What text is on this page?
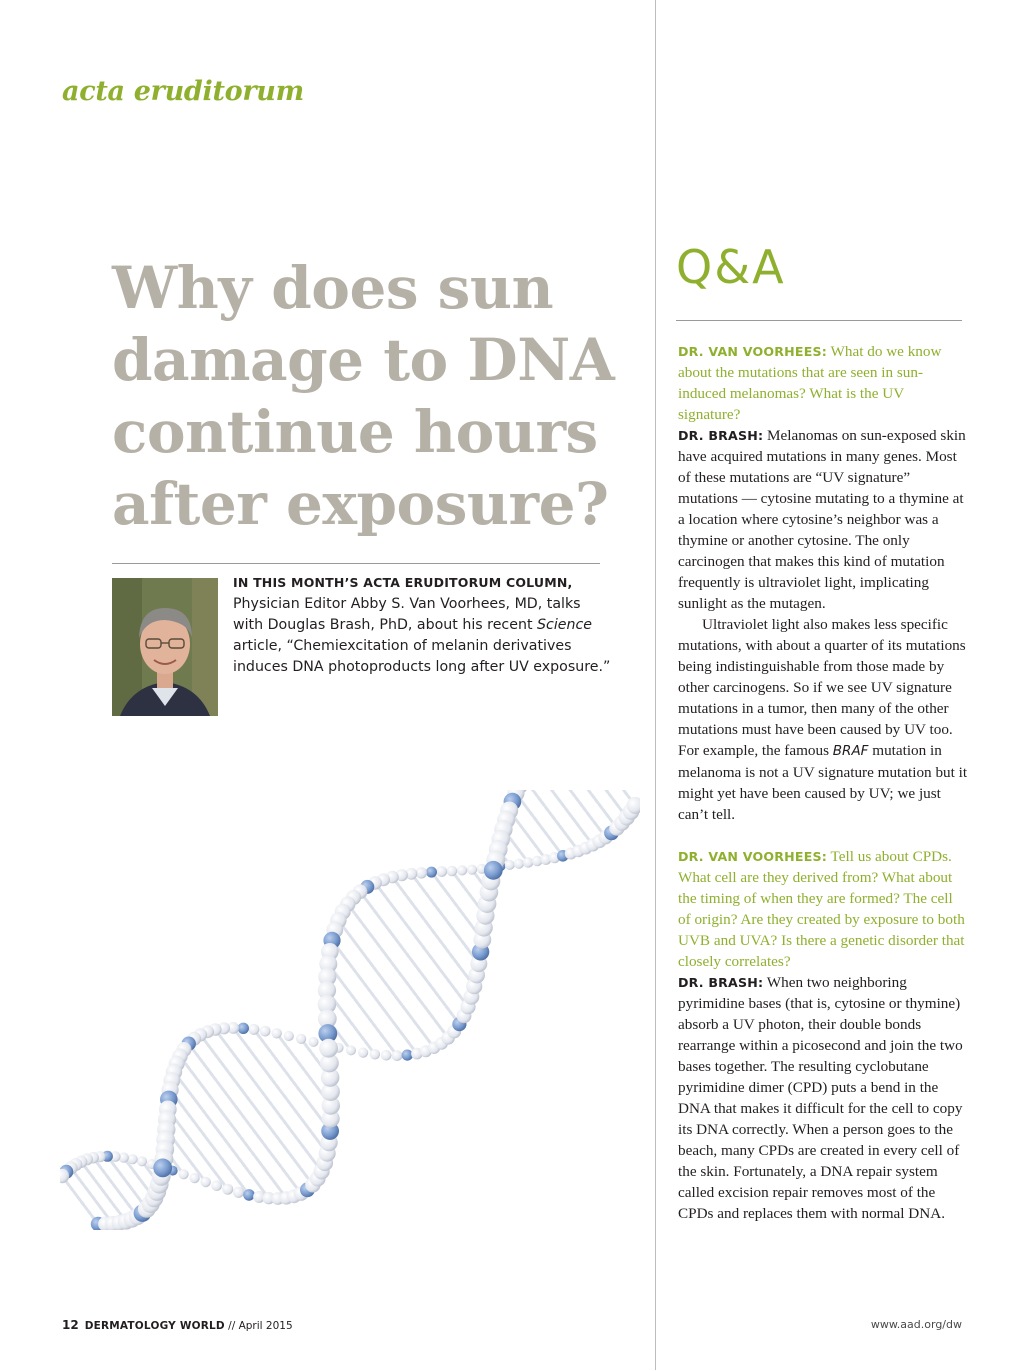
acta eruditorum
Why does sun
damage to DNA
continue hours
after exposure?
IN THIS MONTH’S ACTA ERUDITORUM COLUMN,
Physician Editor Abby S. Van Voorhees, MD, talks with Douglas Brash, PhD, about his recent Science article, “Chemiexcitation of melanin derivatives induces DNA photoproducts long after UV exposure.”
Q&A

DR. VAN VOORHEES: What do we know about the mutations that are seen in sun-induced melanomas? What is the UV signature?

DR. BRASH: Melanomas on sun-exposed skin have acquired mutations in many genes. Most of these mutations are “UV signature” mutations — cytosine mutating to a thymine at a location where cytosine’s neighbor was a thymine or another cytosine. The only carcinogen that makes this kind of mutation frequently is ultraviolet light, implicating sunlight as the mutagen.

Ultraviolet light also makes less specific mutations, with about a quarter of its mutations being indistinguishable from those made by other carcinogens. So if we see UV signature mutations in a tumor, then many of the other mutations must have been caused by UV too. For example, the famous BRAF mutation in melanoma is not a UV signature mutation but it might yet have been caused by UV; we just can’t tell.

DR. VAN VOORHEES: Tell us about CPDs. What cell are they derived from? What about the timing of when they are formed? The cell of origin? Are they created by exposure to both UVB and UVA? Is there a genetic disorder that closely correlates?

DR. BRASH: When two neighboring pyrimidine bases (that is, cytosine or thymine) absorb a UV photon, their double bonds rearrange within a picosecond and join the two bases together. The resulting cyclobutane pyrimidine dimer (CPD) puts a bend in the DNA that makes it difficult for the cell to copy its DNA correctly. When a person goes to the beach, many CPDs are created in every cell of the skin. Fortunately, a DNA repair system called excision repair removes most of the CPDs and replaces them with normal DNA.

12 DERMATOLOGY WORLD // April 2015	www.aad.org/dw
